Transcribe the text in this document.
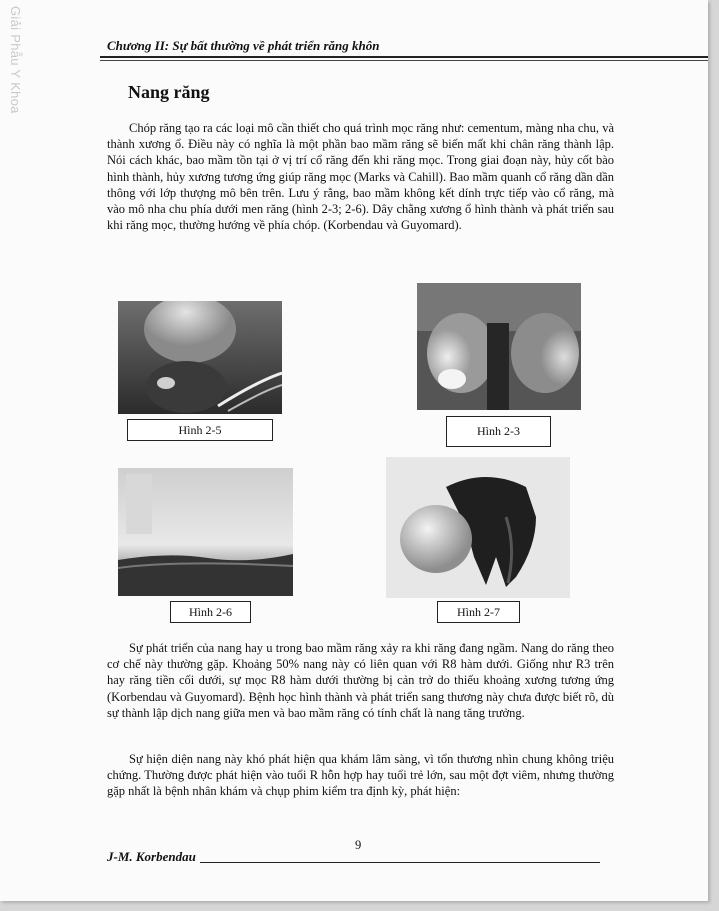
Giải Phẫu Y Khoa	Chương II: Sự bất thường về phát triển răng khôn
Nang răng

Chóp răng tạo ra các loại mô cần thiết cho quá trình mọc răng như: cementum, màng nha chu, và thành xương ổ. Điều này có nghĩa là một phần bao mầm răng sẽ biến mất khi chân răng thành lập. Nói cách khác, bao mầm tồn tại ở vị trí cổ răng đến khi răng mọc. Trong giai đoạn này, hủy cốt bào hình thành, hủy xương tương ứng giúp răng mọc (Marks và Cahill). Bao mầm quanh cổ răng dần dần thông với lớp thượng mô bên trên. Lưu ý rằng, bao mầm không kết dính trực tiếp vào cổ răng, mà vào mô nha chu phía dưới men răng (hình 2-3; 2-6). Dây chằng xương ổ hình thành và phát triển sau khi răng mọc, thường hướng về phía chóp. (Korbendau và Guyomard).

Hình 2-5	Hình 2-3
Hình 2-6	Hình 2-7

Sự phát triển của nang hay u trong bao mầm răng xảy ra khi răng đang ngầm. Nang do răng theo cơ chế này thường gặp. Khoảng 50% nang này có liên quan với R8 hàm dưới. Giống như R3 trên hay răng tiền cối dưới, sự mọc R8 hàm dưới thường bị cản trở do thiếu khoảng xương tương ứng (Korbendau và Guyomard). Bệnh học hình thành và phát triển sang thương này chưa được biết rõ, dù sự thành lập dịch nang giữa men và bao mầm răng có tính chất là nang tăng trưởng.

Sự hiện diện nang này khó phát hiện qua khám lâm sàng, vì tổn thương nhìn chung không triệu chứng. Thường được phát hiện vào tuổi R hỗn hợp hay tuổi trẻ lớn, sau một đợt viêm, nhưng thường gặp nhất là bệnh nhân khám và chụp phim kiểm tra định kỳ, phát hiện:

9
J-M. Korbendau
